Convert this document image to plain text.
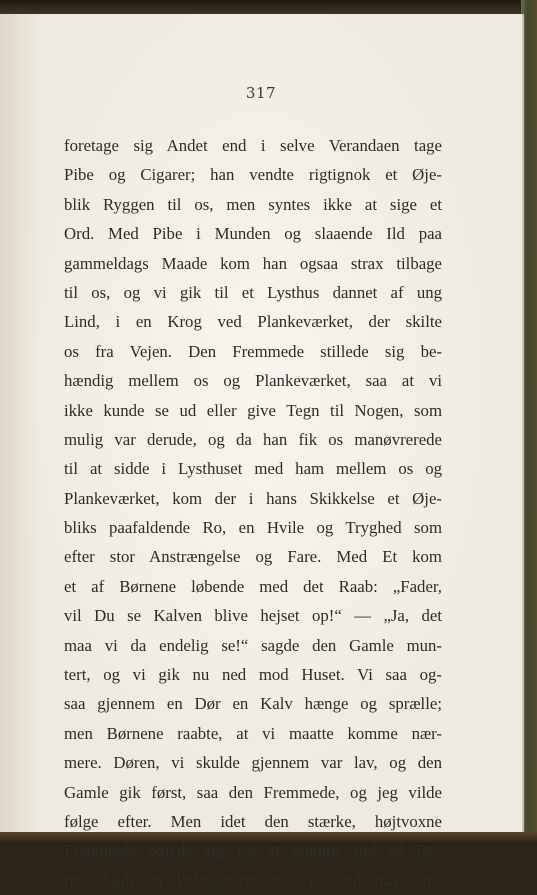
317
foretage sig Andet end i selve Verandaen tage
Pibe og Cigarer; han vendte rigtignok et Øje-
blik Ryggen til os, men syntes ikke at sige et
Ord. Med Pibe i Munden og slaaende Ild paa
gammeldags Maade kom han ogsaa strax tilbage
til os, og vi gik til et Lysthus dannet af ung
Lind, i en Krog ved Plankeværket, der skilte
os fra Vejen. Den Fremmede stillede sig be-
hændig mellem os og Plankeværket, saa at vi
ikke kunde se ud eller give Tegn til Nogen, som
mulig var derude, og da han fik os manøvrerede
til at sidde i Lysthuset med ham mellem os og
Plankeværket, kom der i hans Skikkelse et Øje-
bliks paafaldende Ro, en Hvile og Tryghed som
efter stor Anstrængelse og Fare. Med Et kom
et af Børnene løbende med det Raab: „Fader,
vil Du se Kalven blive hejset op!“ — „Ja, det
maa vi da endelig se!“ sagde den Gamle mun-
tert, og vi gik nu ned mod Huset. Vi saa og-
saa gjennem en Dør en Kalv hænge og sprælle;
men Børnene raabte, at vi maatte komme nær-
mere. Døren, vi skulde gjennem var lav, og den
Gamle gik først, saa den Fremmede, og jeg vilde
følge efter. Men idet den stærke, højtvoxne
Fremmede bøjede sig for at komme ind ad Dø-
ren, faldt en Politibetjent ned og red paa hans
